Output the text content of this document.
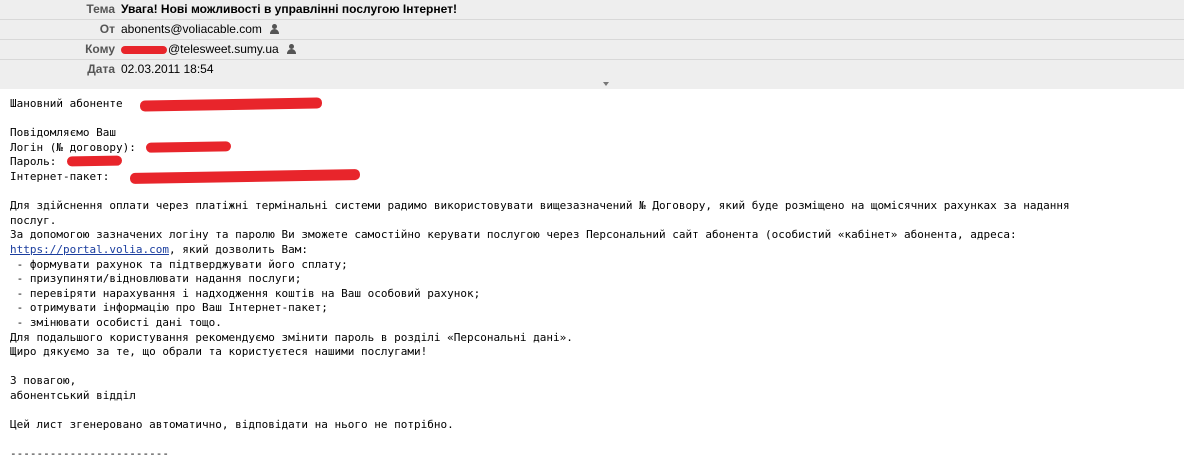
Тема Увага! Нові можливості в управлінні послугою Інтернет!
От abonents@voliacable.com
Кому	@telesweet.sumy.ua
Дата 02.03.2011 18:54
Шановний абоненте

Повідомляємо Ваш
Логін (№ договору):
Пароль:
Інтернет-пакет:

Для здійснення оплати через платіжні термінальні системи радимо використовувати вищезазначений № Договору, який буде розміщено на щомісячних рахунках за надання
послуг.
За допомогою зазначених логіну та паролю Ви зможете самостійно керувати послугою через Персональний сайт абонента (особистий «кабінет» абонента, адреса:
https://portal.volia.com, який дозволить Вам:
- формувати рахунок та підтверджувати його сплату;
- призупиняти/відновлювати надання послуги;
- перевіряти нарахування і надходження коштів на Ваш особовий рахунок;
- отримувати інформацію про Ваш Інтернет-пакет;
- змінювати особисті дані тощо.
Для подальшого користування рекомендуємо змінити пароль в розділі «Персональні дані».
Щиро дякуємо за те, що обрали та користуєтеся нашими послугами!

З повагою,
абонентський відділ

Цей лист згенеровано автоматично, відповідати на нього не потрібно.

------------------------
